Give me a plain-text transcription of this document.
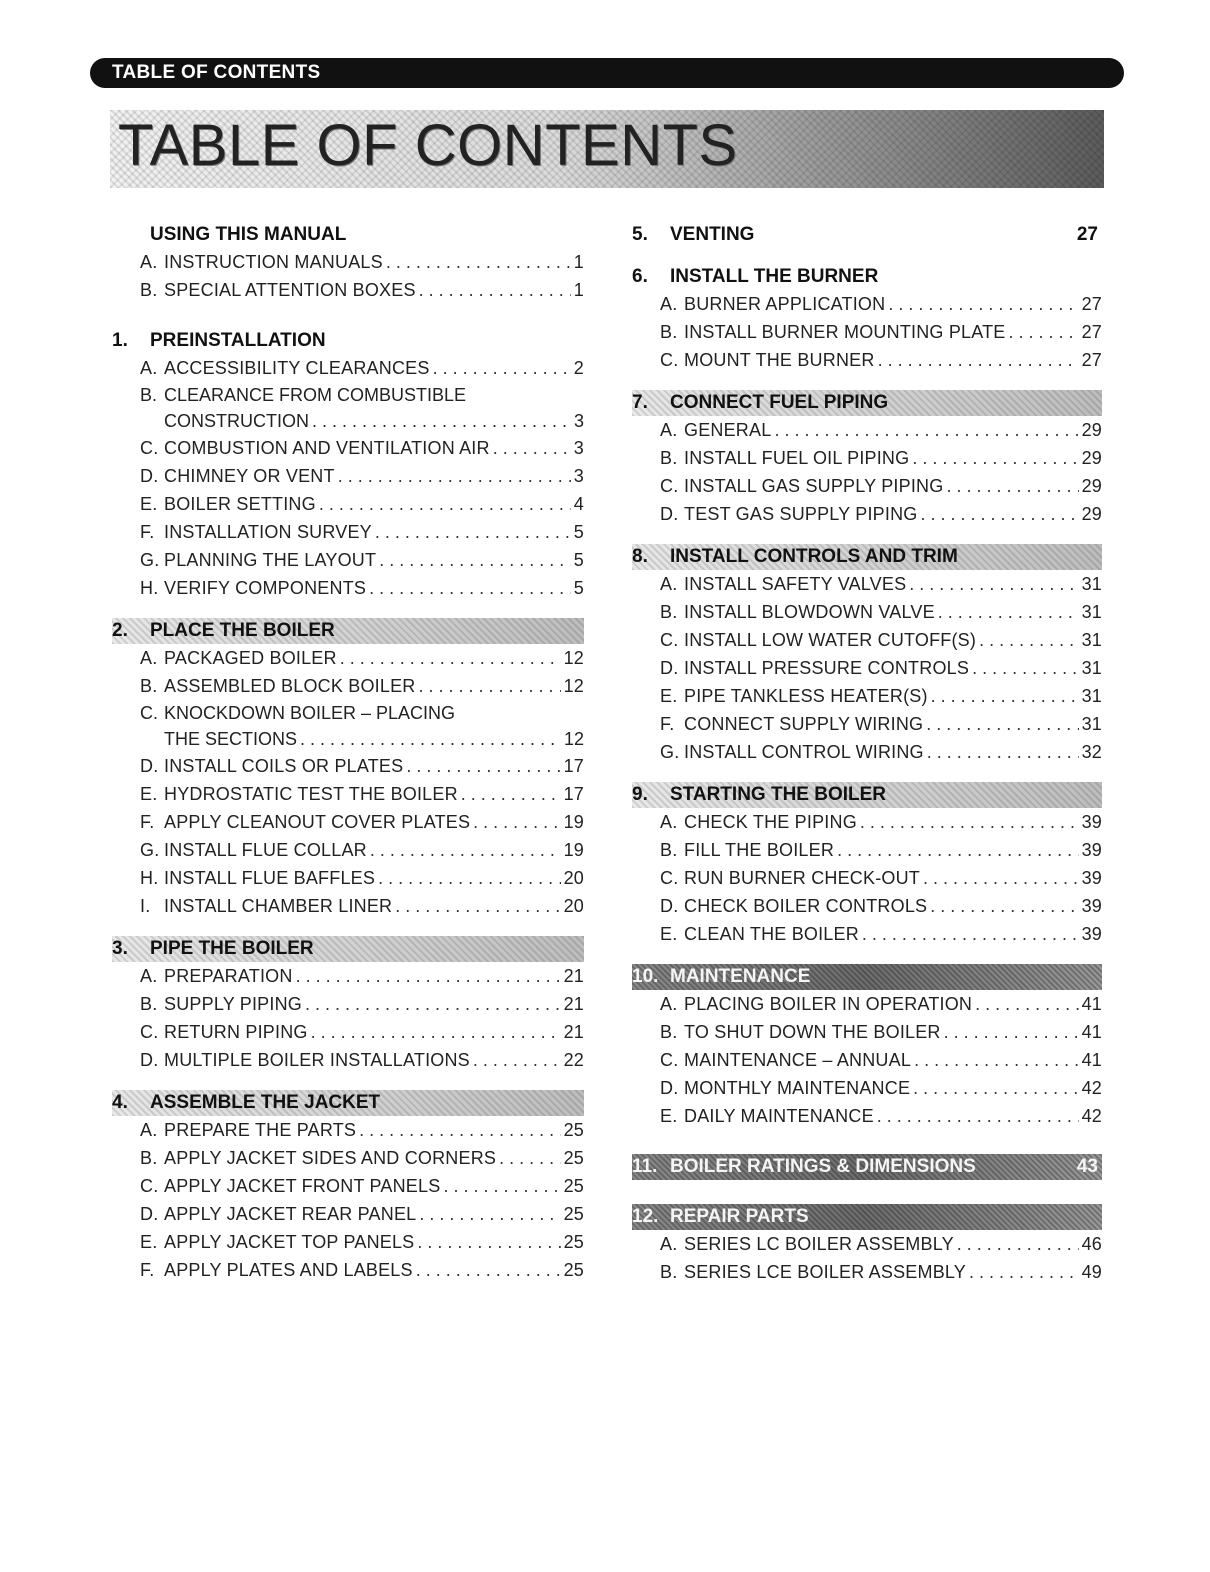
TABLE OF CONTENTS
TABLE OF CONTENTS
USING THIS MANUAL
A. INSTRUCTION MANUALS . . .	1
B. SPECIAL ATTENTION BOXES . . .	1
1.	PREINSTALLATION
A. ACCESSIBILITY CLEARANCES . . .	2
B. CLEARANCE FROM COMBUSTIBLE
CONSTRUCTION . . .	3
C. COMBUSTION AND VENTILATION AIR . . .	3
D. CHIMNEY OR VENT . . .	3
E. BOILER SETTING . . .	4
F. INSTALLATION SURVEY . . .	5
G. PLANNING THE LAYOUT . . .	5
H. VERIFY COMPONENTS . . .	5
2.	PLACE THE BOILER
A. PACKAGED BOILER . . .	12
B. ASSEMBLED BLOCK BOILER . . .	12
C. KNOCKDOWN BOILER – PLACING
THE SECTIONS . . .	12
D. INSTALL COILS OR PLATES . . .	17
E. HYDROSTATIC TEST THE BOILER . . .	17
F. APPLY CLEANOUT COVER PLATES . . .	19
G. INSTALL FLUE COLLAR . . .	19
H. INSTALL FLUE BAFFLES . . .	20
I. INSTALL CHAMBER LINER . . .	20
3.	PIPE THE BOILER
A. PREPARATION . . .	21
B. SUPPLY PIPING . . .	21
C. RETURN PIPING . . .	21
D. MULTIPLE BOILER INSTALLATIONS . . .	22
4.	ASSEMBLE THE JACKET
A. PREPARE THE PARTS . . .	25
B. APPLY JACKET SIDES AND CORNERS . . .	25
C. APPLY JACKET FRONT PANELS . . .	25
D. APPLY JACKET REAR PANEL . . .	25
E. APPLY JACKET TOP PANELS . . .	25
F. APPLY PLATES AND LABELS . . .	25
5.	VENTING	27
6.	INSTALL THE BURNER
A. BURNER APPLICATION . . .	27
B. INSTALL BURNER MOUNTING PLATE . . .	27
C. MOUNT THE BURNER . . .	27
7.	CONNECT FUEL PIPING
A. GENERAL . . .	29
B. INSTALL FUEL OIL PIPING . . .	29
C. INSTALL GAS SUPPLY PIPING . . .	29
D. TEST GAS SUPPLY PIPING . . .	29
8.	INSTALL CONTROLS AND TRIM
A. INSTALL SAFETY VALVES . . .	31
B. INSTALL BLOWDOWN VALVE . . .	31
C. INSTALL LOW WATER CUTOFF(S) . . .	31
D. INSTALL PRESSURE CONTROLS . . .	31
E. PIPE TANKLESS HEATER(S) . . .	31
F. CONNECT SUPPLY WIRING . . .	31
G. INSTALL CONTROL WIRING . . .	32
9.	STARTING THE BOILER
A. CHECK THE PIPING . . .	39
B. FILL THE BOILER . . .	39
C. RUN BURNER CHECK-OUT . . .	39
D. CHECK BOILER CONTROLS . . .	39
E. CLEAN THE BOILER . . .	39
10. MAINTENANCE
A. PLACING BOILER IN OPERATION . . .	41
B. TO SHUT DOWN THE BOILER . . .	41
C. MAINTENANCE – ANNUAL . . .	41
D. MONTHLY MAINTENANCE . . .	42
E. DAILY MAINTENANCE . . .	42
11. BOILER RATINGS & DIMENSIONS	43
12. REPAIR PARTS
A. SERIES LC BOILER ASSEMBLY . . .	46
B. SERIES LCE BOILER ASSEMBLY . . .	49
